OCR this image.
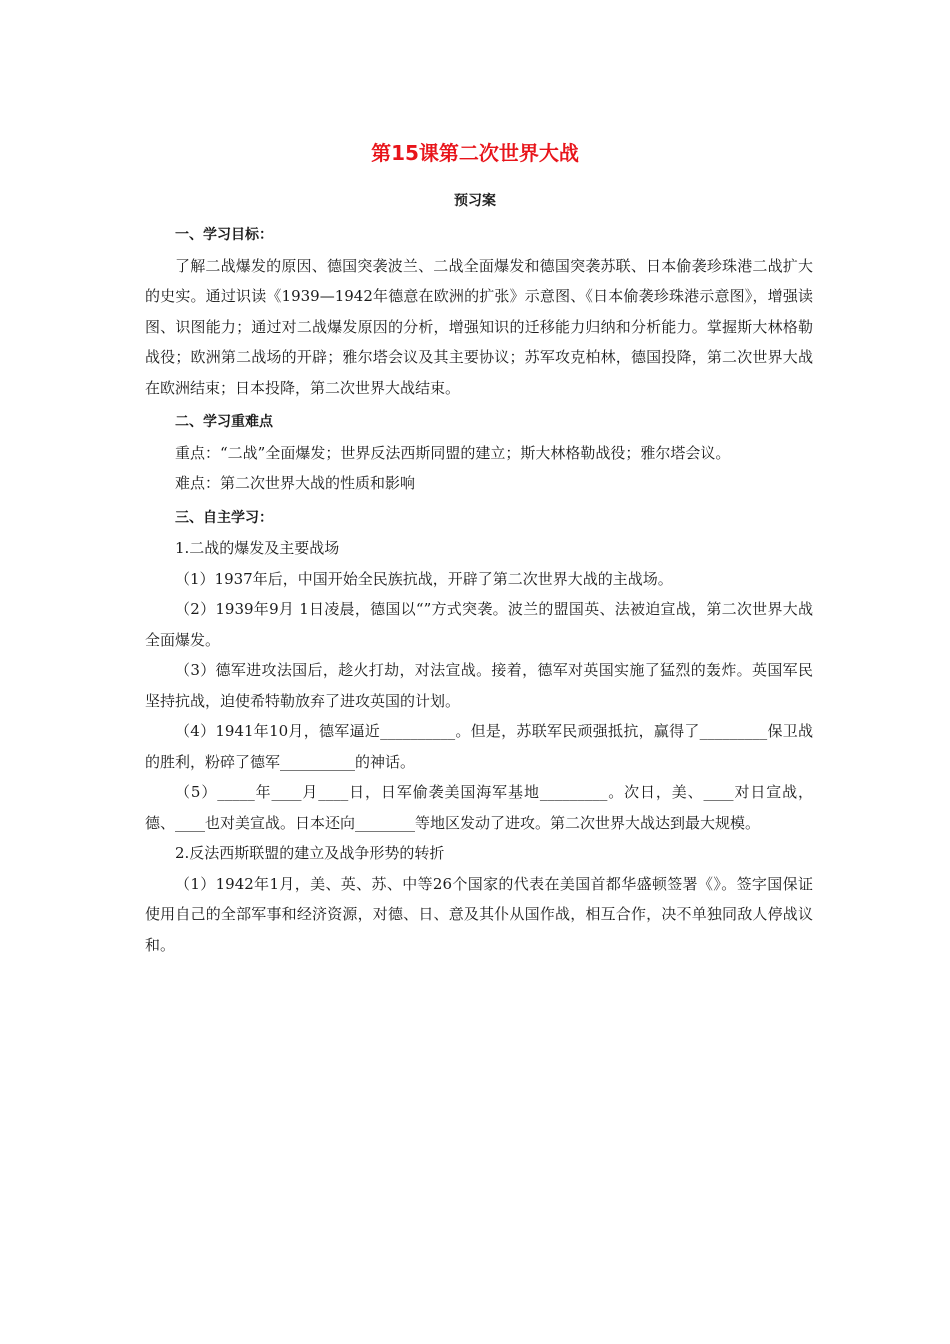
第15课第二次世界大战
预习案
一、学习目标：

了解二战爆发的原因、德国突袭波兰、二战全面爆发和德国突袭苏联、日本偷袭珍珠港二战扩大的史实。通过识读《1939—1942年德意在欧洲的扩张》示意图、《日本偷袭珍珠港示意图》，增强读图、识图能力；通过对二战爆发原因的分析，增强知识的迁移能力归纳和分析能力。掌握斯大林格勒战役；欧洲第二战场的开辟；雅尔塔会议及其主要协议；苏军攻克柏林，德国投降，第二次世界大战在欧洲结束；日本投降，第二次世界大战结束。

二、学习重难点

重点：“二战”全面爆发；世界反法西斯同盟的建立；斯大林格勒战役；雅尔塔会议。

难点：第二次世界大战的性质和影响

三、自主学习：

1.二战的爆发及主要战场

（1）1937年后，中国开始全民族抗战，开辟了第二次世界大战的主战场。

（2）1939年9月 1日凌晨，德国以“”方式突袭。波兰的盟国英、法被迫宣战，第二次世界大战全面爆发。

（3）德军进攻法国后，趁火打劫，对法宣战。接着，德军对英国实施了猛烈的轰炸。英国军民坚持抗战，迫使希特勒放弃了进攻英国的计划。

（4）1941年10月，德军逼近__________。但是，苏联军民顽强抵抗，赢得了_________保卫战的胜利，粉碎了德军__________的神话。

（5）_____年____月____日，日军偷袭美国海军基地_________。次日，美、____对日宣战，德、____也对美宣战。日本还向________等地区发动了进攻。第二次世界大战达到最大规模。

2.反法西斯联盟的建立及战争形势的转折

（1）1942年1月，美、英、苏、中等26个国家的代表在美国首都华盛顿签署《》。签字国保证使用自己的全部军事和经济资源，对德、日、意及其仆从国作战，相互合作，决不单独同敌人停战议和。
